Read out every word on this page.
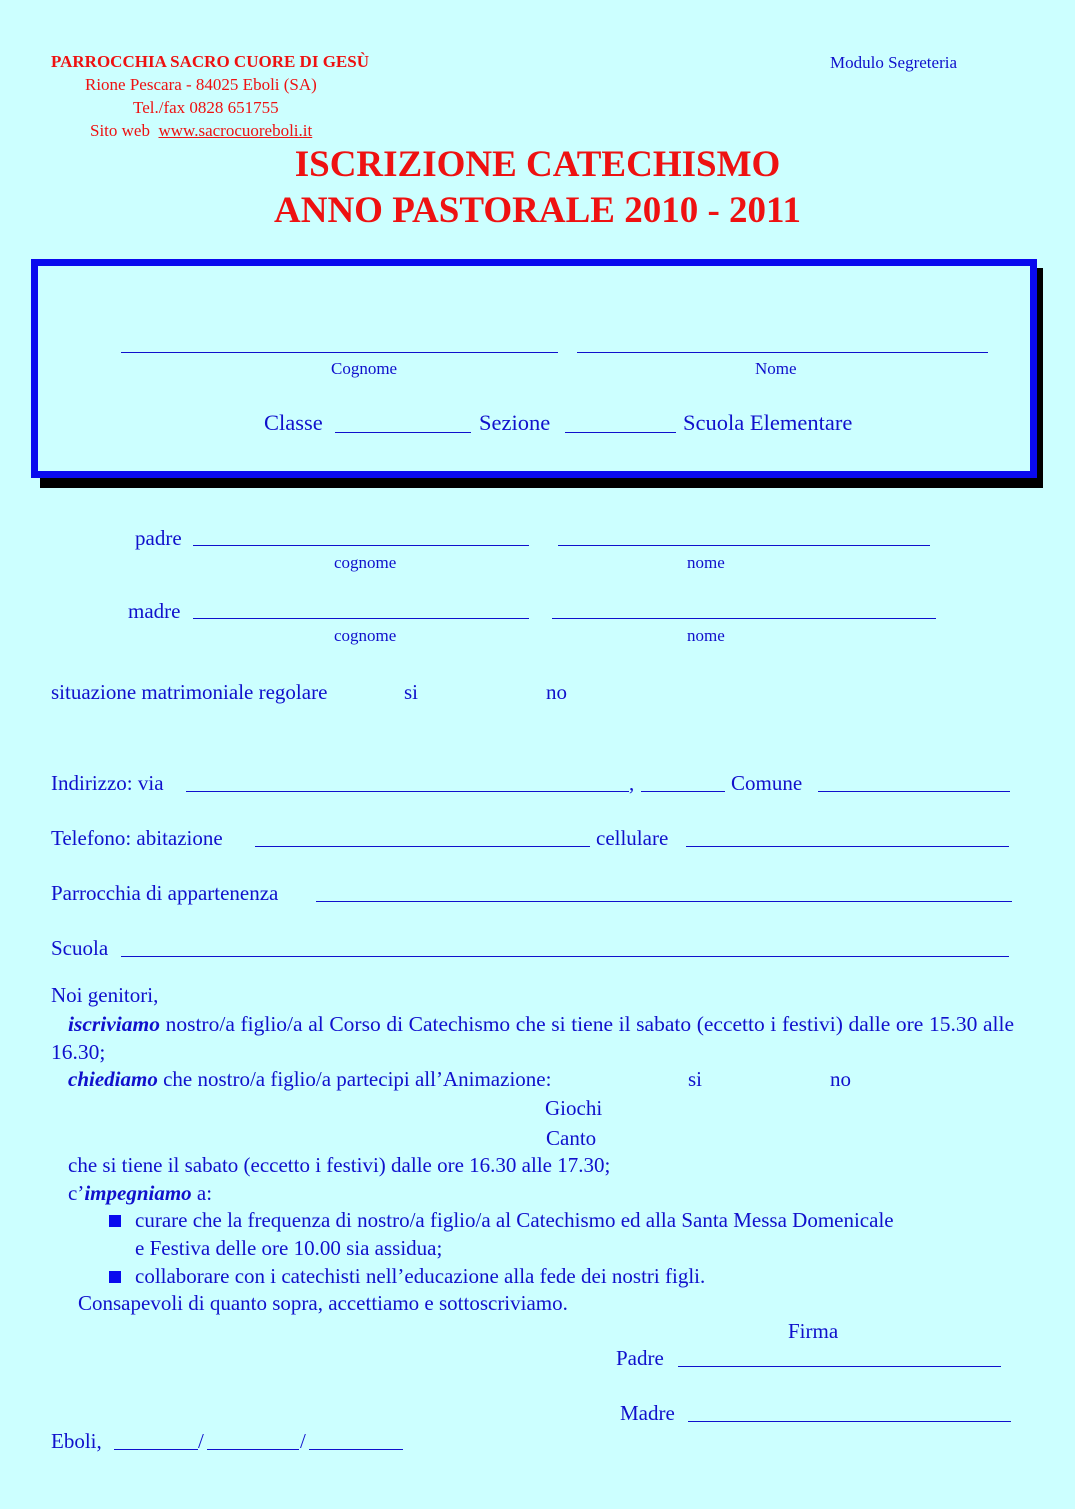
PARROCCHIA SACRO CUORE DI GESÙ
Rione Pescara - 84025 Eboli (SA)
Tel./fax 0828 651755
Sito web www.sacrocuoreboli.it
Modulo Segreteria
ISCRIZIONE CATECHISMO
ANNO PASTORALE 2010 - 2011
Cognome	Nome
Classe	Sezione	Scuola Elementare
padre
cognome	nome
madre
cognome	nome
situazione matrimoniale regolare	si	no
Indirizzo: via	,	Comune
Telefono: abitazione	cellulare
Parrocchia di appartenenza
Scuola
Noi genitori,
iscriviamo nostro/a figlio/a al Corso di Catechismo che si tiene il sabato (eccetto i festivi) dalle ore 15.30 alle 16.30;
chiediamo che nostro/a figlio/a partecipi all’Animazione:	si	no
Giochi
Canto
che si tiene il sabato (eccetto i festivi) dalle ore 16.30 alle 17.30;
c’impegniamo a:
curare che la frequenza di nostro/a figlio/a al Catechismo ed alla Santa Messa Domenicale
e Festiva delle ore 10.00 sia assidua;
collaborare con i catechisti nell’educazione alla fede dei nostri figli.
Consapevoli di quanto sopra, accettiamo e sottoscriviamo.
Firma
Padre
Madre
Eboli,	/	/
